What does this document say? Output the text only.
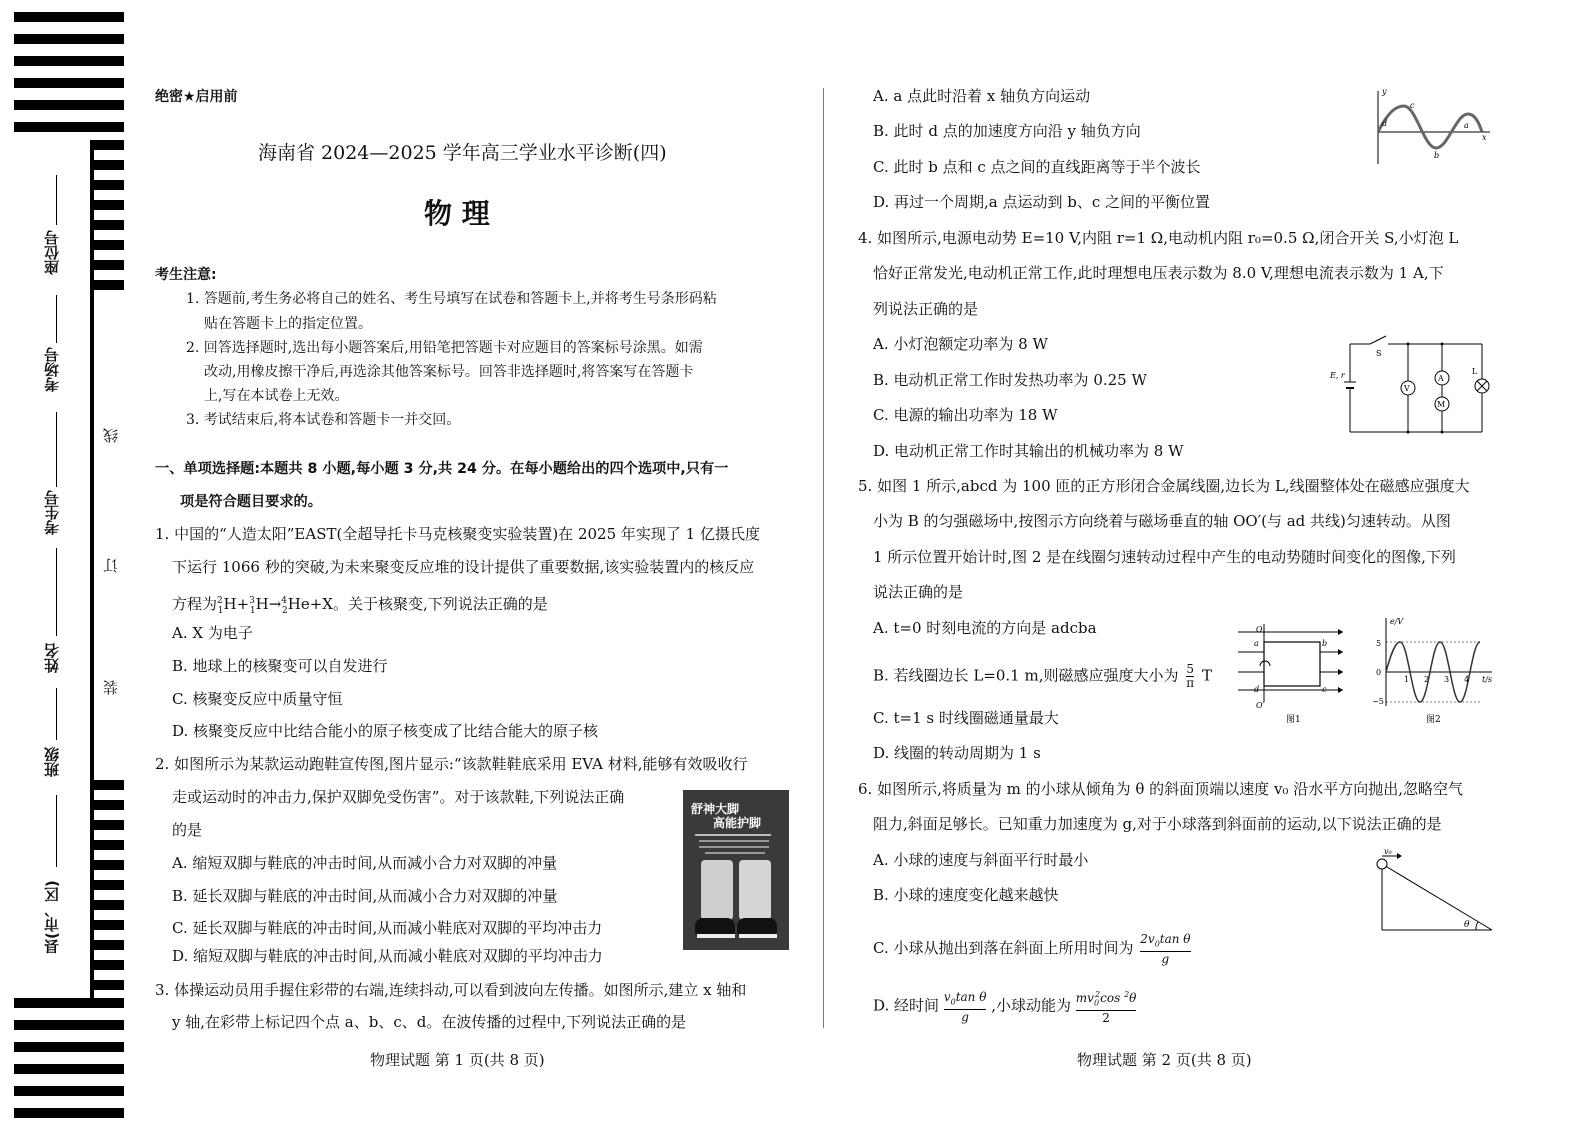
座位号
考场号
考生号
姓名
班级
县(市、区)
线
订
装
绝密★启用前
海南省 2024—2025 学年高三学业水平诊断(四)
物 理
考生注意:
1. 答题前,考生务必将自己的姓名、考生号填写在试卷和答题卡上,并将考生号条形码粘
贴在答题卡上的指定位置。
2. 回答选择题时,选出每小题答案后,用铅笔把答题卡对应题目的答案标号涂黑。如需
改动,用橡皮擦干净后,再选涂其他答案标号。回答非选择题时,将答案写在答题卡
上,写在本试卷上无效。
3. 考试结束后,将本试卷和答题卡一并交回。
一、单项选择题:本题共 8 小题,每小题 3 分,共 24 分。在每小题给出的四个选项中,只有一
项是符合题目要求的。
1. 中国的“人造太阳”EAST(全超导托卡马克核聚变实验装置)在 2025 年实现了 1 亿摄氏度
下运行 1066 秒的突破,为未来聚变反应堆的设计提供了重要数据,该实验装置内的核反应
方程为$^2_1$H+$^3_1$H→$^4_2$He+X。关于核聚变,下列说法正确的是
A. X 为电子
B. 地球上的核聚变可以自发进行
C. 核聚变反应中质量守恒
D. 核聚变反应中比结合能小的原子核变成了比结合能大的原子核
2. 如图所示为某款运动跑鞋宣传图,图片显示:“该款鞋鞋底采用 EVA 材料,能够有效吸收行
走或运动时的冲击力,保护双脚免受伤害”。对于该款鞋,下列说法正确
的是
A. 缩短双脚与鞋底的冲击时间,从而减小合力对双脚的冲量
B. 延长双脚与鞋底的冲击时间,从而减小合力对双脚的冲量
C. 延长双脚与鞋底的冲击时间,从而减小鞋底对双脚的平均冲击力
D. 缩短双脚与鞋底的冲击时间,从而减小鞋底对双脚的平均冲击力
舒神大脚
高能护脚
3. 体操运动员用手握住彩带的右端,连续抖动,可以看到波向左传播。如图所示,建立 x 轴和
y 轴,在彩带上标记四个点 a、b、c、d。在波传播的过程中,下列说法正确的是
物理试题 第 1 页(共 8 页)
A. a 点此时沿着 x 轴负方向运动
B. 此时 d 点的加速度方向沿 y 轴负方向
C. 此时 b 点和 c 点之间的直线距离等于半个波长
D. 再过一个周期,a 点运动到 b、c 之间的平衡位置
y
x
d
c
b
a
4. 如图所示,电源电动势 E=10 V,内阻 r=1 Ω,电动机内阻 r₀=0.5 Ω,闭合开关 S,小灯泡 L
恰好正常发光,电动机正常工作,此时理想电压表示数为 8.0 V,理想电流表示数为 1 A,下
列说法正确的是
A. 小灯泡额定功率为 8 W
B. 电动机正常工作时发热功率为 0.25 W
C. 电源的输出功率为 18 W
D. 电动机正常工作时其输出的机械功率为 8 W
V
A
M
S
E, r	L
5. 如图 1 所示,abcd 为 100 匝的正方形闭合金属线圈,边长为 L,线圈整体处在磁感应强度大
小为 B 的匀强磁场中,按图示方向绕着与磁场垂直的轴 OO′(与 ad 共线)匀速转动。从图
1 所示位置开始计时,图 2 是在线圈匀速转动过程中产生的电动势随时间变化的图像,下列
说法正确的是
A. t=0 时刻电流的方向是 adcba
B. 若线圈边长 L=0.1 m,则磁感应强度大小为 $\frac{5}{\pi}$ T
C. t=1 s 时线圈磁通量最大
D. 线圈的转动周期为 1 s
O
a	b
d	c
O′
图1
e/V
5
0
−5
1 2 3 4 t/s
图2
6. 如图所示,将质量为 m 的小球从倾角为 θ 的斜面顶端以速度 v₀ 沿水平方向抛出,忽略空气
阻力,斜面足够长。已知重力加速度为 g,对于小球落到斜面前的运动,以下说法正确的是
A. 小球的速度与斜面平行时最小
B. 小球的速度变化越来越快
C. 小球从抛出到落在斜面上所用时间为 $\frac{2v_0\tan \theta}{g}$
D. 经时间 $\frac{v_0\tan \theta}{g}$ ,小球动能为 $\frac{mv_0^2\cos ^2\theta}{2}$
v₀
θ
物理试题 第 2 页(共 8 页)
